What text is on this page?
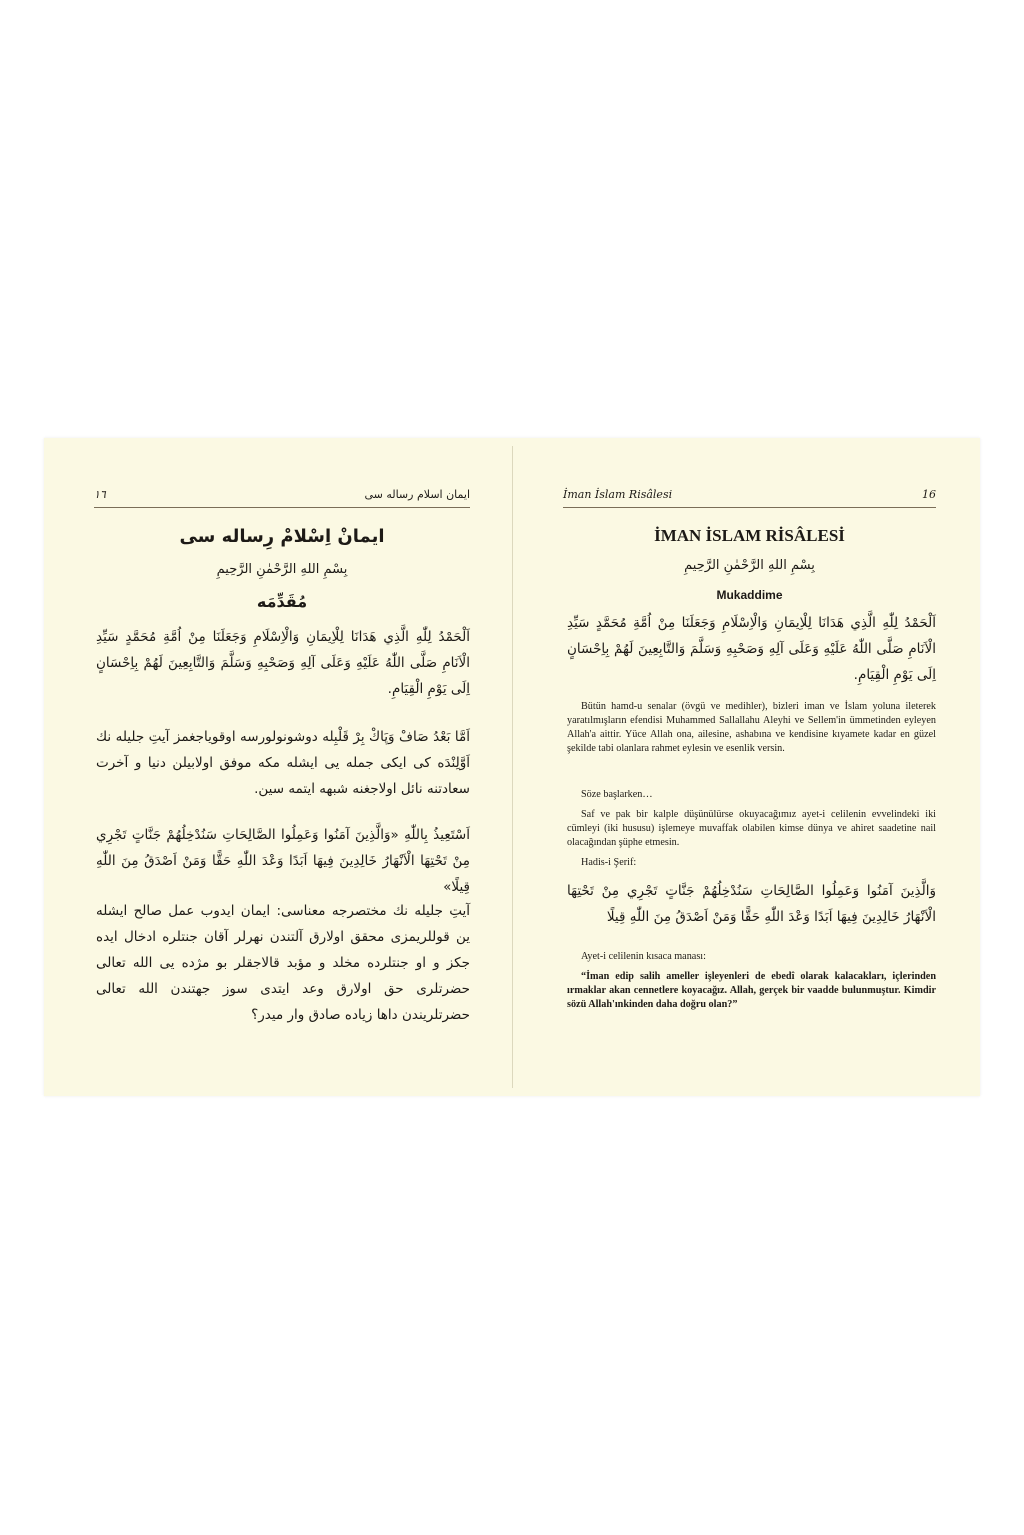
١٦	ايمان اسلام رساله سی
ايمانْ اِسْلامْ رِساله سى
بِسْمِ اللهِ الرَّحْمٰنِ الرَّحِيمِ
مُقَدِّمَه
اَلْحَمْدُ لِلّٰهِ الَّذِي هَدَانَا لِلْاِيمَانِ وَالْاِسْلَامِ وَجَعَلَنَا مِنْ اُمَّةِ مُحَمَّدٍ سَيِّدِ الْاَنَامِ صَلَّى اللّٰهُ عَلَيْهِ وَعَلَى آلِهِ وَصَحْبِهِ وَسَلَّمَ وَالتَّابِعِينَ لَهُمْ بِاِحْسَانٍ اِلَى يَوْمِ الْقِيَامِ.
اَمَّا بَعْدُ صَافْ وَپَاكْ بِرْ قَلْبِله دوشونولورسه اوقوياجغمز آيتِ جليله نك اَوَّلِنْدَه كى ايكى جمله يى ايشله مكه موفق اولابيلن دنيا و آخرت سعادتنه نائل اولاجغنه شبهه ايتمه سين.
اَسْتَعِيذُ بِاللّٰهِ «وَالَّذِينَ آمَنُوا وَعَمِلُوا الصَّالِحَاتِ سَنُدْخِلُهُمْ جَنَّاتٍ تَجْرِي مِنْ تَحْتِهَا الْاَنْهَارُ خَالِدِينَ فِيهَا اَبَدًا وَعْدَ اللّٰهِ حَقًّا وَمَنْ اَصْدَقُ مِنَ اللّٰهِ قِيلًا»
آيتِ جليله نك مختصرجه معناسى: ايمان ايدوب عمل صالح ايشله ين قوللريمزى محقق اولارق آلتندن نهرلر آقان جنتلره ادخال ايده جكز و او جنتلرده مخلد و مؤبد قالاجقلر بو مژده يى الله تعالى حضرتلرى حق اولارق وعد ايتدى سوز جهتندن الله تعالى حضرتلريندن داها زياده صادق وار ميدر؟
İman İslam Risâlesi	16
İMAN İSLAM RİSÂLESİ
بِسْمِ اللهِ الرَّحْمٰنِ الرَّحِيمِ
Mukaddime
اَلْحَمْدُ لِلّٰهِ الَّذِي هَدَانَا لِلْاِيمَانِ وَالْاِسْلَامِ وَجَعَلَنَا مِنْ اُمَّةِ مُحَمَّدٍ سَيِّدِ الْاَنَامِ صَلَّى اللّٰهُ عَلَيْهِ وَعَلَى آلِهِ وَصَحْبِهِ وَسَلَّمَ وَالتَّابِعِينَ لَهُمْ بِاِحْسَانٍ اِلَى يَوْمِ الْقِيَامِ.
Bütün hamd-u senalar (övgü ve medihler), bizleri iman ve İslam yoluna ileterek yaratılmışların efendisi Muhammed Sallallahu Aleyhi ve Sellem'in ümmetinden eyleyen Allah'a aittir. Yüce Allah ona, ailesine, ashabına ve kendisine kıyamete kadar en güzel şekilde tabi olanlara rahmet eylesin ve esenlik versin.
Söze başlarken…
Saf ve pak bir kalple düşünülürse okuyacağımız ayet-i celilenin evvelindeki iki cümleyi (iki hususu) işlemeye muvaffak olabilen kimse dünya ve ahiret saadetine nail olacağından şüphe etmesin.
Hadis-i Şerif:
وَالَّذِينَ آمَنُوا وَعَمِلُوا الصَّالِحَاتِ سَنُدْخِلُهُمْ جَنَّاتٍ تَجْرِي مِنْ تَحْتِهَا الْاَنْهَارُ خَالِدِينَ فِيهَا اَبَدًا وَعْدَ اللّٰهِ حَقًّا وَمَنْ اَصْدَقُ مِنَ اللّٰهِ قِيلًا
Ayet-i celilenin kısaca manası:
“İman edip salih ameller işleyenleri de ebedî olarak kalacakları, içlerinden ırmaklar akan cennetlere koyacağız. Allah, gerçek bir vaadde bulunmuştur. Kimdir sözü Allah'ınkinden daha doğru olan?”
